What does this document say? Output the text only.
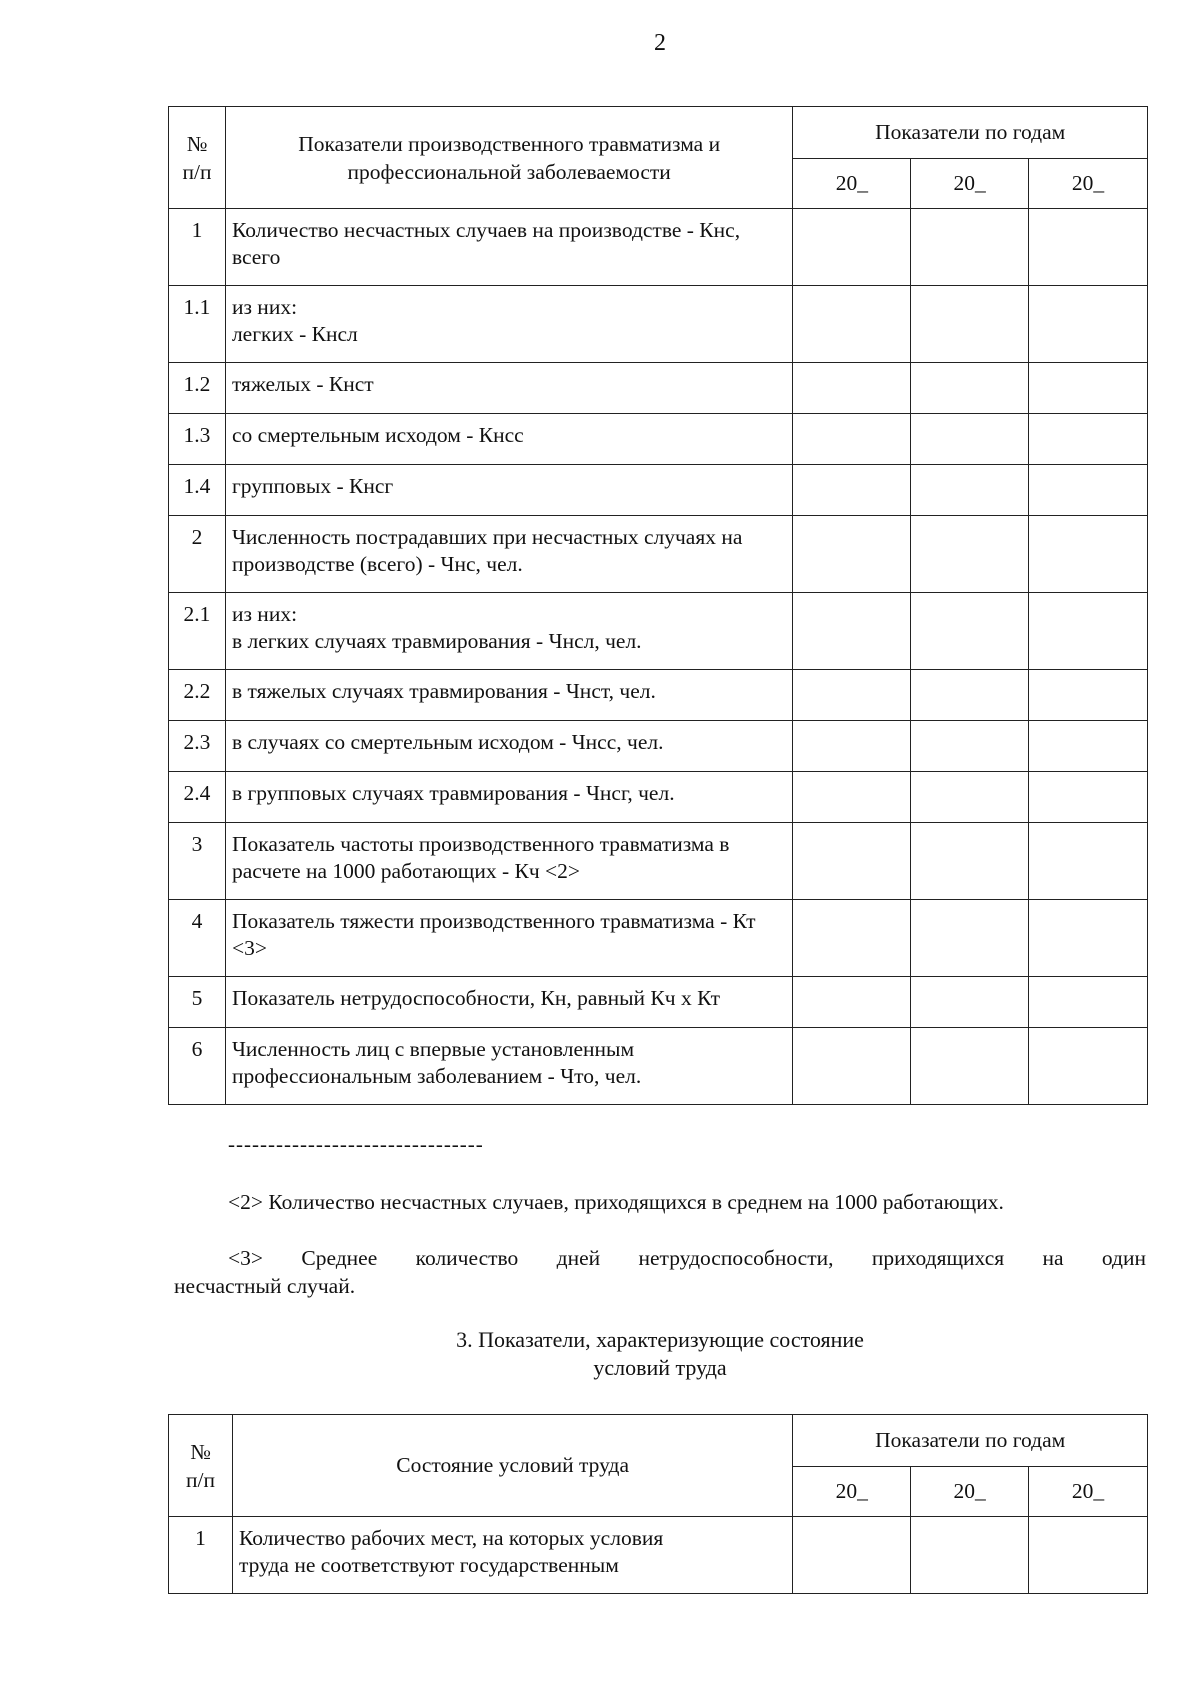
2
№
п/п	Показатели производственного травматизма и профессиональной заболеваемости	Показатели по годам		
		20_	20_	20_
1	Количество несчастных случаев на производстве - Кнс, всего			
1.1	из них:
легких - Кнсл			
1.2	тяжелых - Кнст			
1.3	со смертельным исходом - Кнсс			
1.4	групповых - Кнсг			
2	Численность пострадавших при несчастных случаях на производстве (всего) - Чнс, чел.			
2.1	из них:
в легких случаях травмирования - Чнсл, чел.			
2.2	в тяжелых случаях травмирования - Чнст, чел.			
2.3	в случаях со смертельным исходом - Чнсс, чел.			
2.4	в групповых случаях травмирования - Чнсг, чел.			
3	Показатель частоты производственного травматизма в расчете на 1000 работающих - Кч <2>			
4	Показатель тяжести производственного травматизма - Кт <3>			
5	Показатель нетрудоспособности, Кн, равный Кч х Кт			
6	Численность лиц с впервые установленным профессиональным заболеванием - Что, чел.			
--------------------------------
<2> Количество несчастных случаев, приходящихся в среднем на 1000 работающих.
<3> Среднее количество дней нетрудоспособности, приходящихся на один
несчастный случай.
3. Показатели, характеризующие состояние
условий труда
№
п/п	Состояние условий труда	Показатели по годам		
		20_	20_	20_
1	Количество рабочих мест, на которых условия
труда не соответствуют государственным			
